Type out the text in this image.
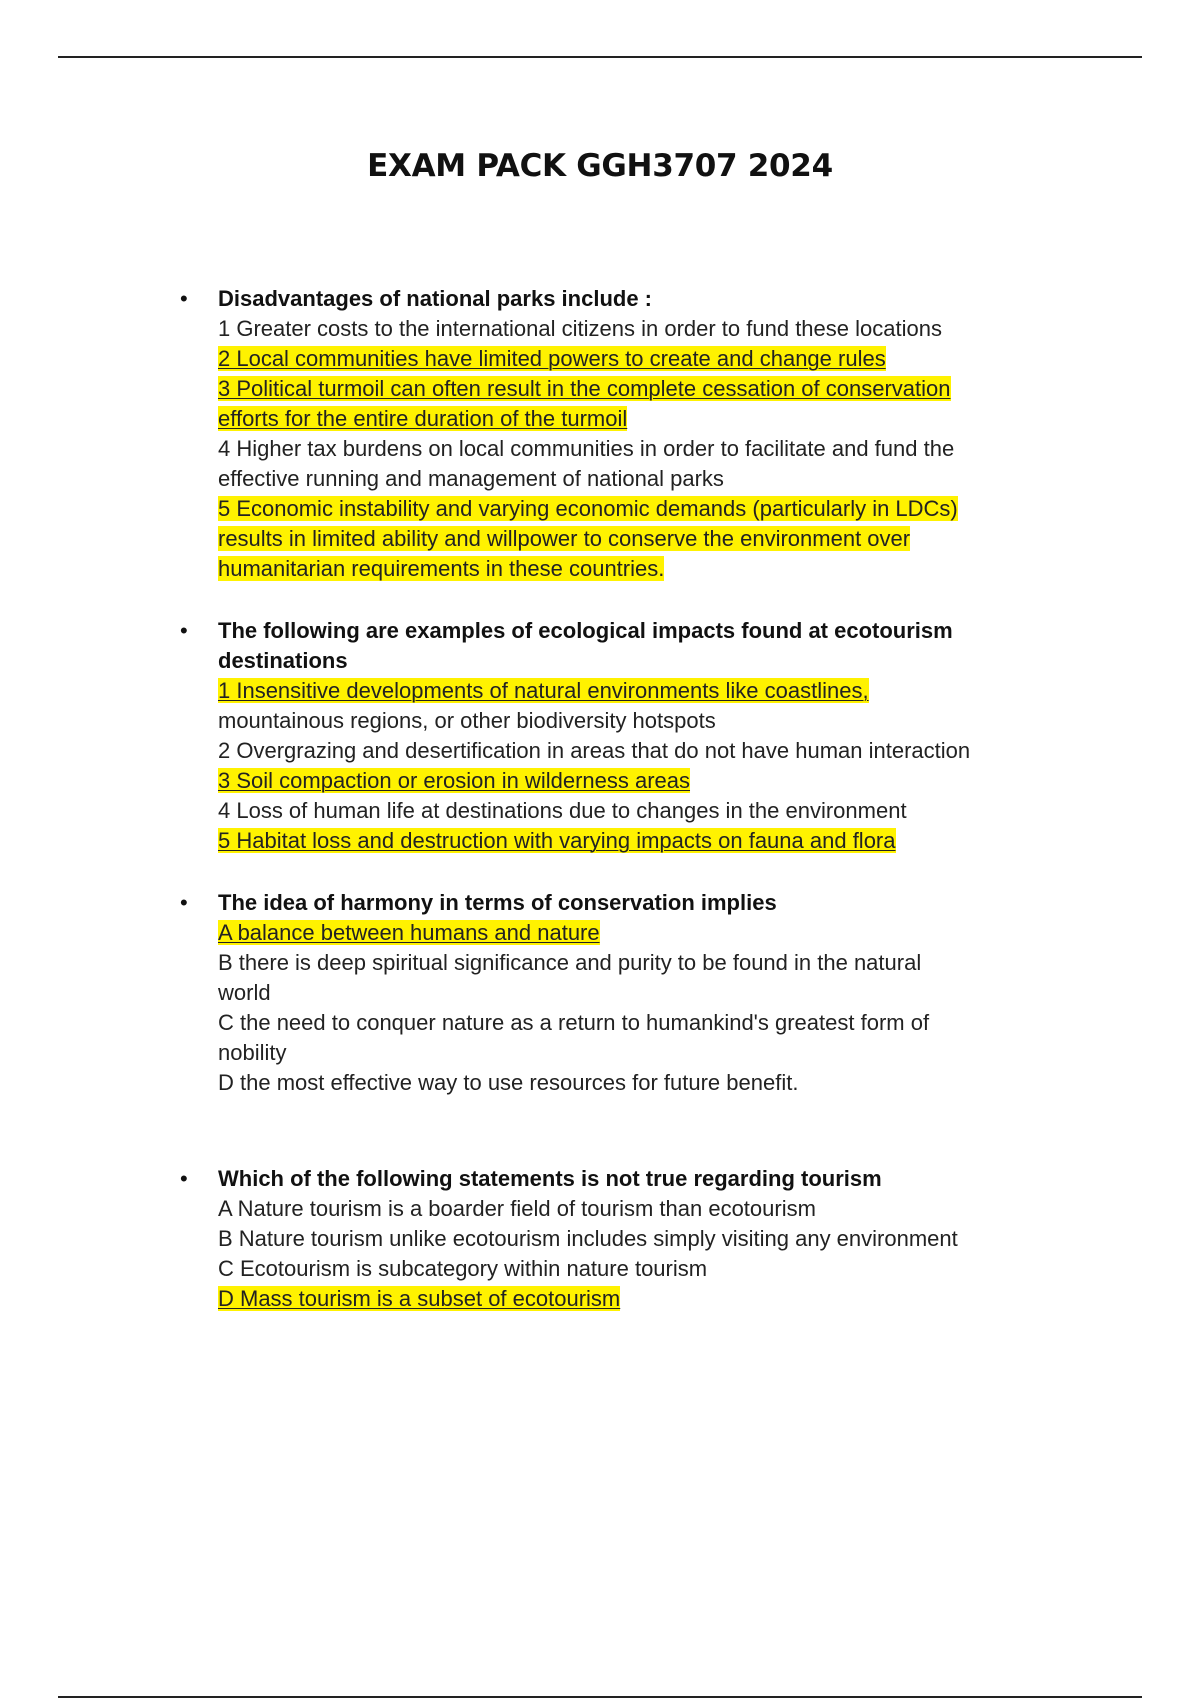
EXAM PACK GGH3707 2024
• Disadvantages of national parks include :

1 Greater costs to the international citizens in order to fund these locations

2 Local communities have limited powers to create and change rules

3 Political turmoil can often result in the complete cessation of conservation

efforts for the entire duration of the turmoil

4 Higher tax burdens on local communities in order to facilitate and fund the

effective running and management of national parks

5 Economic instability and varying economic demands (particularly in LDCs)

results in limited ability and willpower to conserve the environment over

humanitarian requirements in these countries.

• The following are examples of ecological impacts found at ecotourism destinations

1 Insensitive developments of natural environments like coastlines,

mountainous regions, or other biodiversity hotspots

2 Overgrazing and desertification in areas that do not have human interaction

3 Soil compaction or erosion in wilderness areas

4 Loss of human life at destinations due to changes in the environment

5 Habitat loss and destruction with varying impacts on fauna and flora

• The idea of harmony in terms of conservation implies

A balance between humans and nature

B there is deep spiritual significance and purity to be found in the natural

world

C the need to conquer nature as a return to humankind's greatest form of

nobility

D the most effective way to use resources for future benefit.

• Which of the following statements is not true regarding tourism

A Nature tourism is a boarder field of tourism than ecotourism

B Nature tourism unlike ecotourism includes simply visiting any environment

C Ecotourism is subcategory within nature tourism

D Mass tourism is a subset of ecotourism
